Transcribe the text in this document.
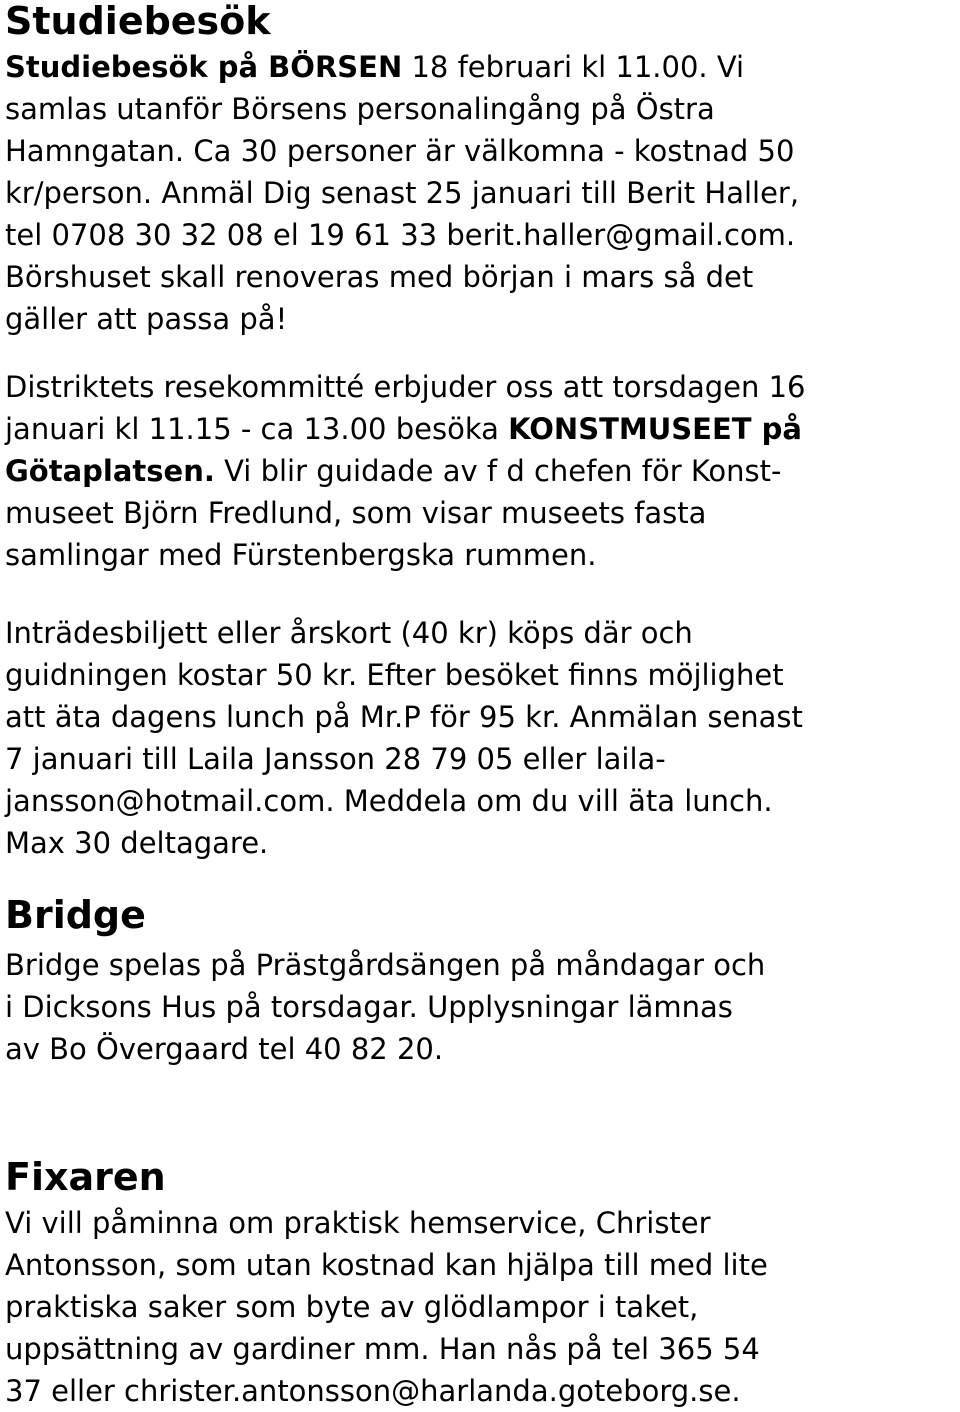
Studiebesök
Studiebesök på BÖRSEN 18 februari kl 11.00. Vi
samlas utanför Börsens personalingång på Östra
Hamngatan. Ca 30 personer är välkomna - kostnad 50
kr/person. Anmäl Dig senast 25 januari till Berit Haller,
tel 0708 30 32 08 el 19 61 33 berit.haller@gmail.com.
Börshuset skall renoveras med början i mars så det
gäller att passa på!
Distriktets resekommitté erbjuder oss att torsdagen 16
januari kl 11.15 - ca 13.00 besöka KONSTMUSEET på
Götaplatsen. Vi blir guidade av f d chefen för Konst-
museet Björn Fredlund, som visar museets fasta
samlingar med Fürstenbergska rummen.
Inträdesbiljett eller årskort (40 kr) köps där och
guidningen kostar 50 kr. Efter besöket finns möjlighet
att äta dagens lunch på Mr.P för 95 kr. Anmälan senast
7 januari till Laila Jansson 28 79 05 eller laila-
jansson@hotmail.com. Meddela om du vill äta lunch.
Max 30 deltagare.
Bridge
Bridge spelas på Prästgårdsängen på måndagar och
i Dicksons Hus på torsdagar. Upplysningar lämnas
av Bo Övergaard tel 40 82 20.
Fixaren
Vi vill påminna om praktisk hemservice, Christer
Antonsson, som utan kostnad kan hjälpa till med lite
praktiska saker som byte av glödlampor i taket,
uppsättning av gardiner mm. Han nås på tel 365 54
37 eller christer.antonsson@harlanda.goteborg.se.
